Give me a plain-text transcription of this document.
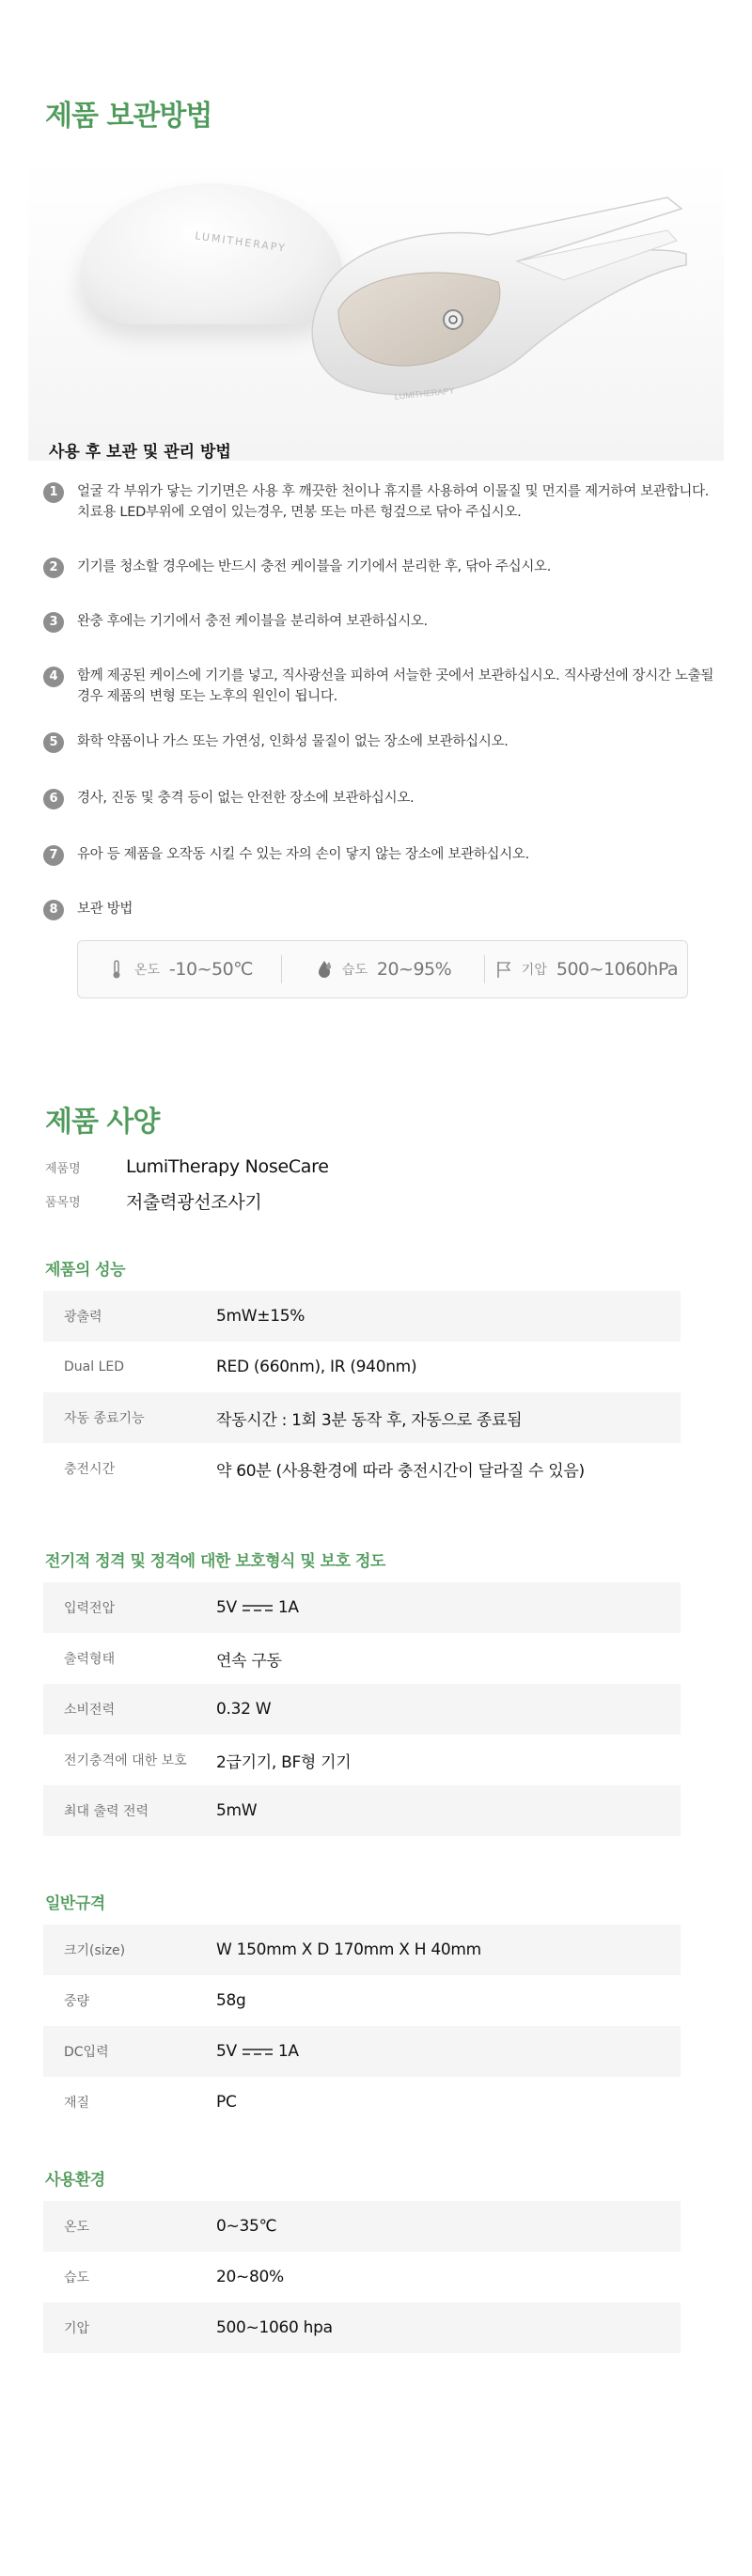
제품 보관방법
LUMITHERAPY
LUMITHERAPY
사용 후 보관 및 관리 방법
1	얼굴 각 부위가 닿는 기기면은 사용 후 깨끗한 천이나 휴지를 사용하여 이물질 및 먼지를 제거하여 보관합니다. 치료용 LED부위에 오염이 있는경우, 면봉 또는 마른 헝겊으로 닦아 주십시오.
2	기기를 청소할 경우에는 반드시 충전 케이블을 기기에서 분리한 후, 닦아 주십시오.
3	완충 후에는 기기에서 충전 케이블을 분리하여 보관하십시오.
4	함께 제공된 케이스에 기기를 넣고, 직사광선을 피하여 서늘한 곳에서 보관하십시오. 직사광선에 장시간 노출될 경우 제품의 변형 또는 노후의 원인이 됩니다.
5	화학 약품이나 가스 또는 가연성, 인화성 물질이 없는 장소에 보관하십시오.
6	경사, 진동 및 충격 등이 없는 안전한 장소에 보관하십시오.
7	유아 등 제품을 오작동 시킬 수 있는 자의 손이 닿지 않는 장소에 보관하십시오.
8	보관 방법
온도 -10~50℃	습도 20~95%	기압 500~1060hPa
제품 사양
제품명	LumiTherapy NoseCare
품목명	저출력광선조사기
제품의 성능
광출력	5mW±15%
Dual LED	RED (660nm), IR (940nm)
자동 종료기능	작동시간 : 1회 3분 동작 후, 자동으로 종료됨
충전시간	약 60분 (사용환경에 따라 충전시간이 달라질 수 있음)
전기적 정격 및 정격에 대한 보호형식 및 보호 정도
입력전압	5V	1A
출력형태	연속 구동
소비전력	0.32 W
전기충격에 대한 보호	2급기기, BF형 기기
최대 출력 전력	5mW
일반규격
크기(size)	W 150mm X D 170mm X H 40mm
중량	58g
DC입력	5V	1A
재질	PC
사용환경
온도	0~35℃
습도	20~80%
기압	500~1060 hpa
